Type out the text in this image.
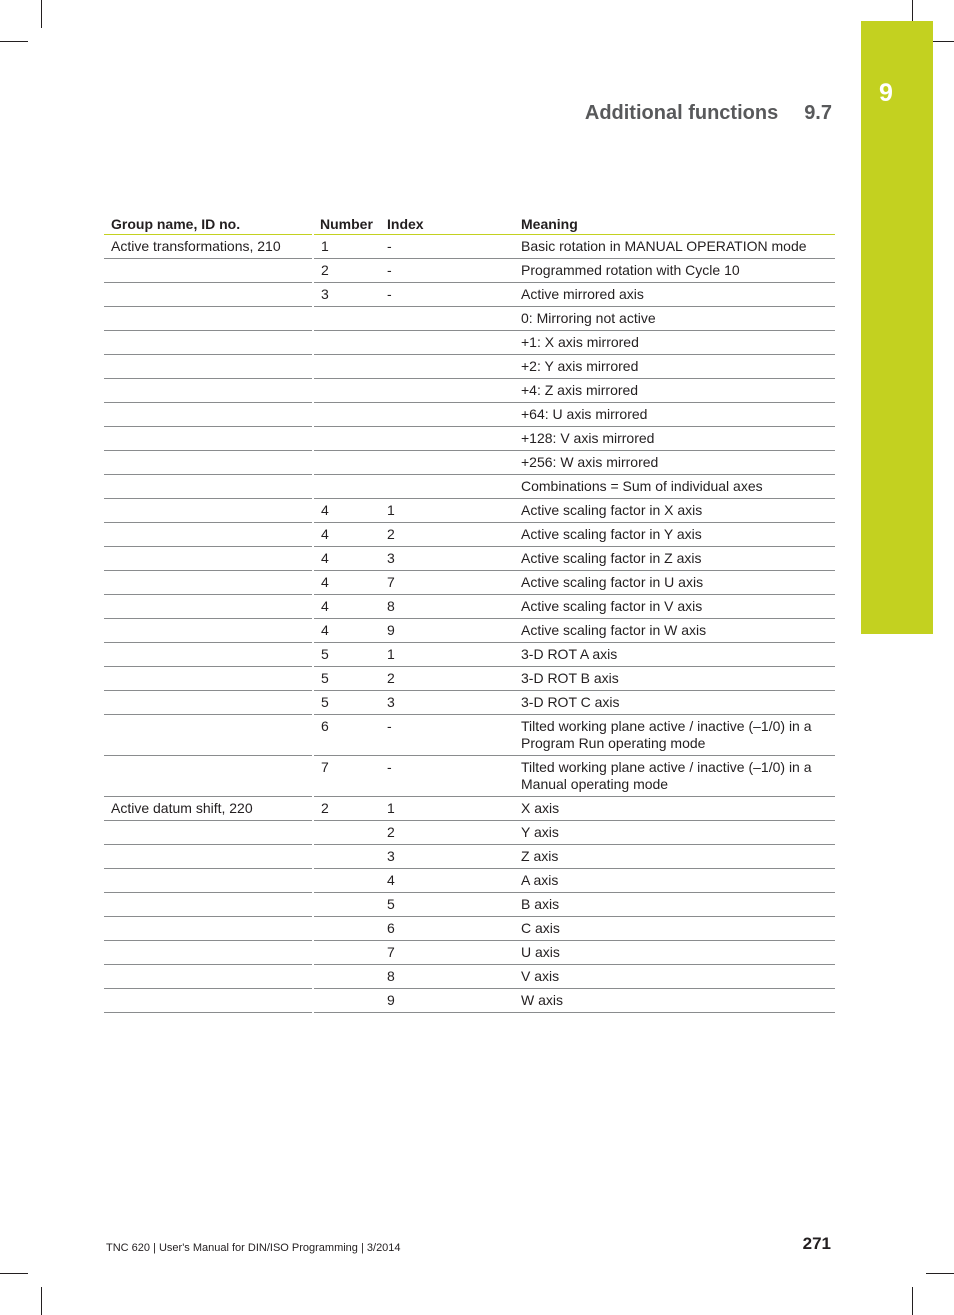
9
Additional functions 9.7
Group name, ID no.	Number	Index	Meaning
Active transformations, 210	1	-	Basic rotation in MANUAL OPERATION mode
	2	-	Programmed rotation with Cycle 10
	3	-	Active mirrored axis
			0: Mirroring not active
			+1: X axis mirrored
			+2: Y axis mirrored
			+4: Z axis mirrored
			+64: U axis mirrored
			+128: V axis mirrored
			+256: W axis mirrored
			Combinations = Sum of individual axes
	4	1	Active scaling factor in X axis
	4	2	Active scaling factor in Y axis
	4	3	Active scaling factor in Z axis
	4	7	Active scaling factor in U axis
	4	8	Active scaling factor in V axis
	4	9	Active scaling factor in W axis
	5	1	3-D ROT A axis
	5	2	3-D ROT B axis
	5	3	3-D ROT C axis
	6	-	Tilted working plane active / inactive (–1/0) in a Program Run operating mode
	7	-	Tilted working plane active / inactive (–1/0) in a Manual operating mode
Active datum shift, 220	2	1	X axis
		2	Y axis
		3	Z axis
		4	A axis
		5	B axis
		6	C axis
		7	U axis
		8	V axis
		9	W axis
TNC 620 | User's Manual for DIN/ISO Programming | 3/2014	271
